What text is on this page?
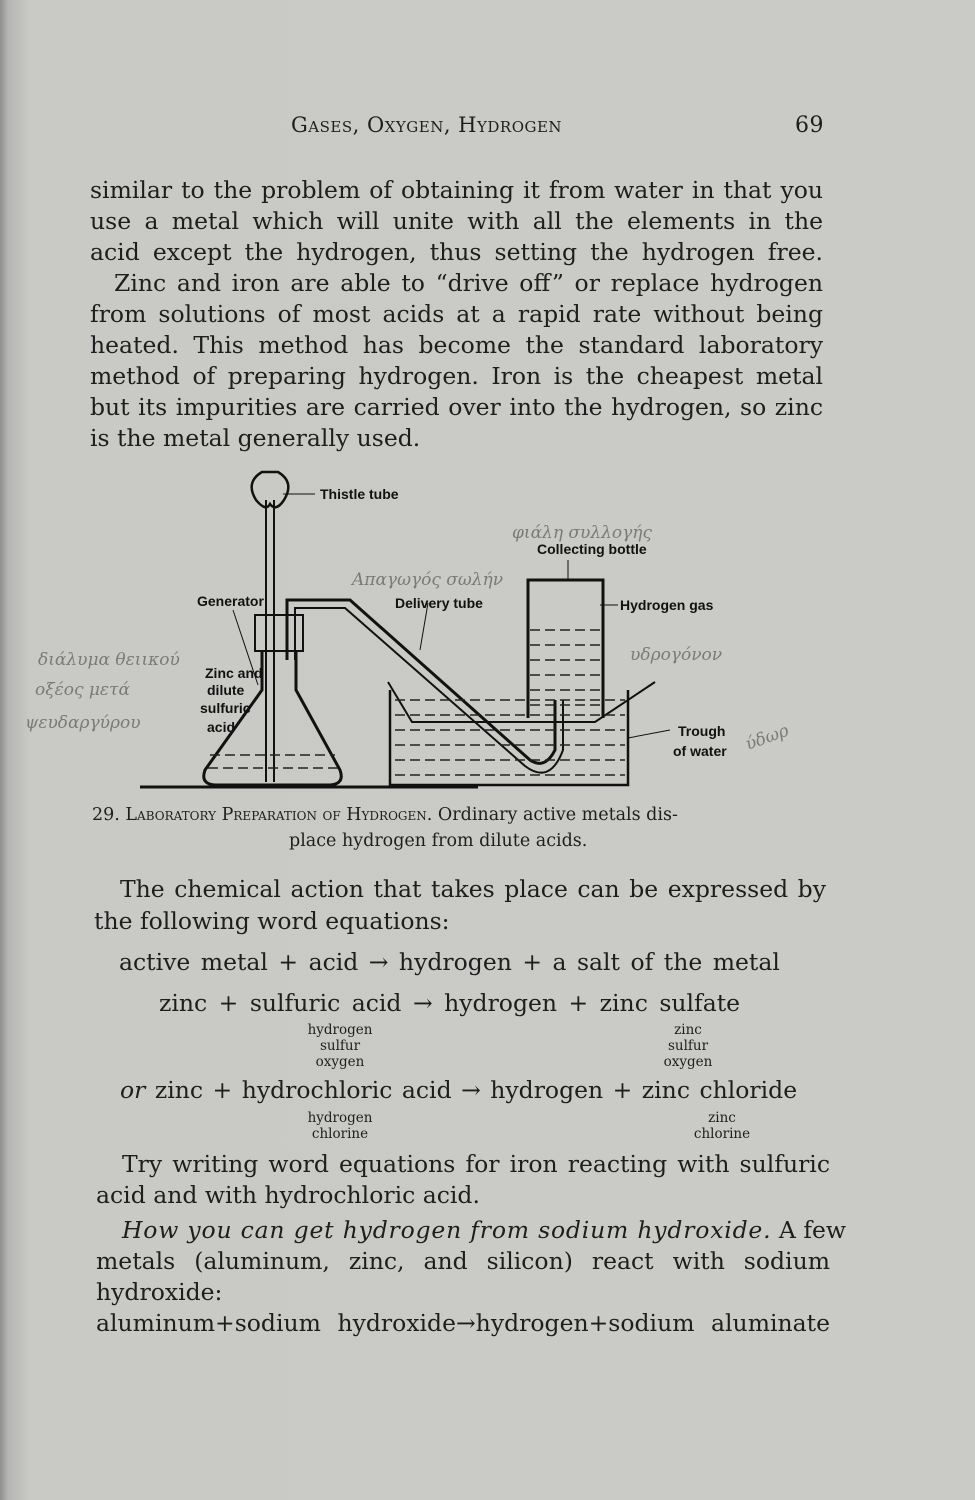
Gases, Oxygen, Hydrogen	69
similar to the problem of obtaining it from water in that you
use a metal which will unite with all the elements in the
acid except the hydrogen, thus setting the hydrogen free.
Zinc and iron are able to “drive off” or replace hydrogen
from solutions of most acids at a rapid rate without being
heated. This method has become the standard laboratory
method of preparing hydrogen. Iron is the cheapest metal
but its impurities are carried over into the hydrogen, so zinc
is the metal generally used.
Thistle tube
Collecting bottle
Generator	Delivery tube	Hydrogen gas
Zinc and
dilute
sulfuric
acid	Trough
of water
φιάλη συλλογής
Απαγωγός σωλήν
υδρογόνον
διάλυμα θειικού
οξέος μετά
ψευδαργύρου	ύδωρ
29. Laboratory Preparation of Hydrogen. Ordinary active metals dis-
place hydrogen from dilute acids.
The chemical action that takes place can be expressed by
the following word equations:
active metal + acid → hydrogen + a salt of the metal
zinc + sulfuric acid → hydrogen + zinc sulfate
hydrogen
sulfur
oxygen
zinc
sulfur
oxygen
or zinc + hydrochloric acid → hydrogen + zinc chloride
hydrogen
chlorine
zinc
chlorine
Try writing word equations for iron reacting with sulfuric
acid and with hydrochloric acid.
How you can get hydrogen from sodium hydroxide. A few
metals (aluminum, zinc, and silicon) react with sodium
hydroxide:
aluminum+sodium hydroxide→hydrogen+sodium aluminate
